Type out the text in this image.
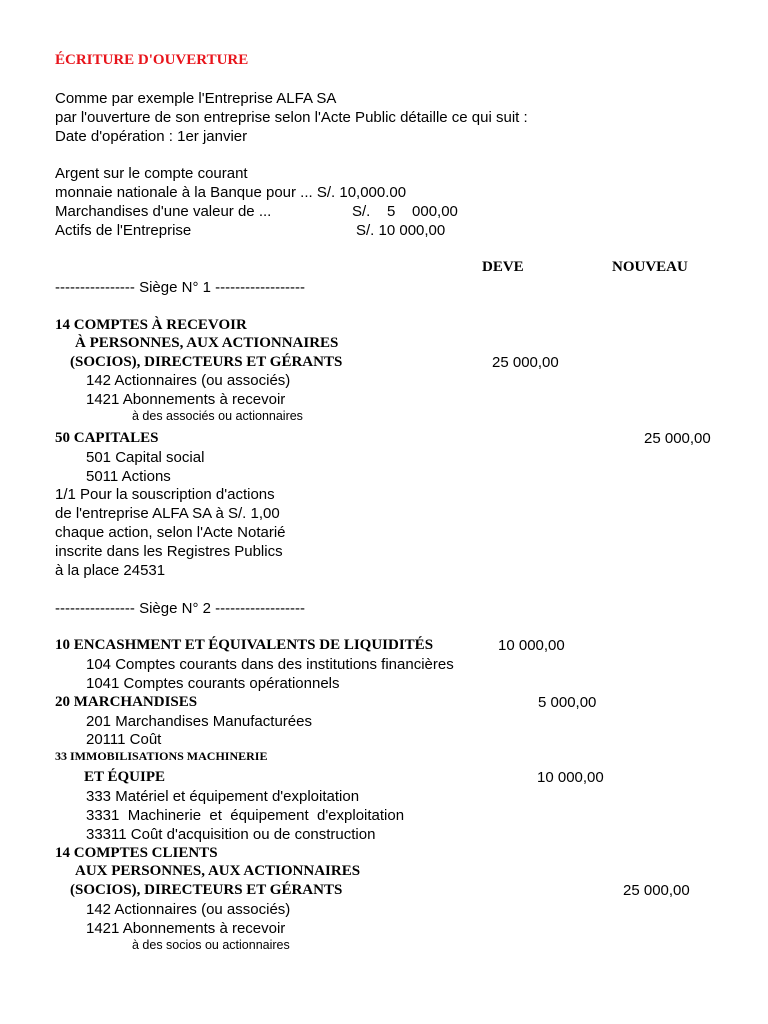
ÉCRITURE D'OUVERTURE
Comme par exemple l'Entreprise ALFA SA
par l'ouverture de son entreprise selon l'Acte Public détaille ce qui suit :
Date d'opération : 1er janvier
Argent sur le compte courant
monnaie nationale à la Banque pour ... S/. 10,000.00
Marchandises d'une valeur de ...	S/.    5    000,00
Actifs de l'Entreprise	S/. 10 000,00
DEVE	NOUVEAU
---------------- Siège N° 1 ------------------
14 COMPTES À RECEVOIR
À PERSONNES, AUX ACTIONNAIRES
(SOCIOS), DIRECTEURS ET GÉRANTS	25 000,00
142 Actionnaires (ou associés)
1421 Abonnements à recevoir
à des associés ou actionnaires
50 CAPITALES	25 000,00
501 Capital social
5011 Actions
1/1 Pour la souscription d'actions
de l'entreprise ALFA SA à S/. 1,00
chaque action, selon l'Acte Notarié
inscrite dans les Registres Publics
à la place 24531
---------------- Siège N° 2 ------------------
10 ENCASHMENT ET ÉQUIVALENTS DE LIQUIDITÉS	10 000,00
104 Comptes courants dans des institutions financières
1041 Comptes courants opérationnels
20 MARCHANDISES	5 000,00
201 Marchandises Manufacturées
20111 Coût
33 IMMOBILISATIONS MACHINERIE
ET ÉQUIPE	10 000,00
333 Matériel et équipement d'exploitation
3331  Machinerie  et  équipement  d'exploitation
33311 Coût d'acquisition ou de construction
14 COMPTES CLIENTS
AUX PERSONNES, AUX ACTIONNAIRES
(SOCIOS), DIRECTEURS ET GÉRANTS	25 000,00
142 Actionnaires (ou associés)
1421 Abonnements à recevoir
à des socios ou actionnaires
